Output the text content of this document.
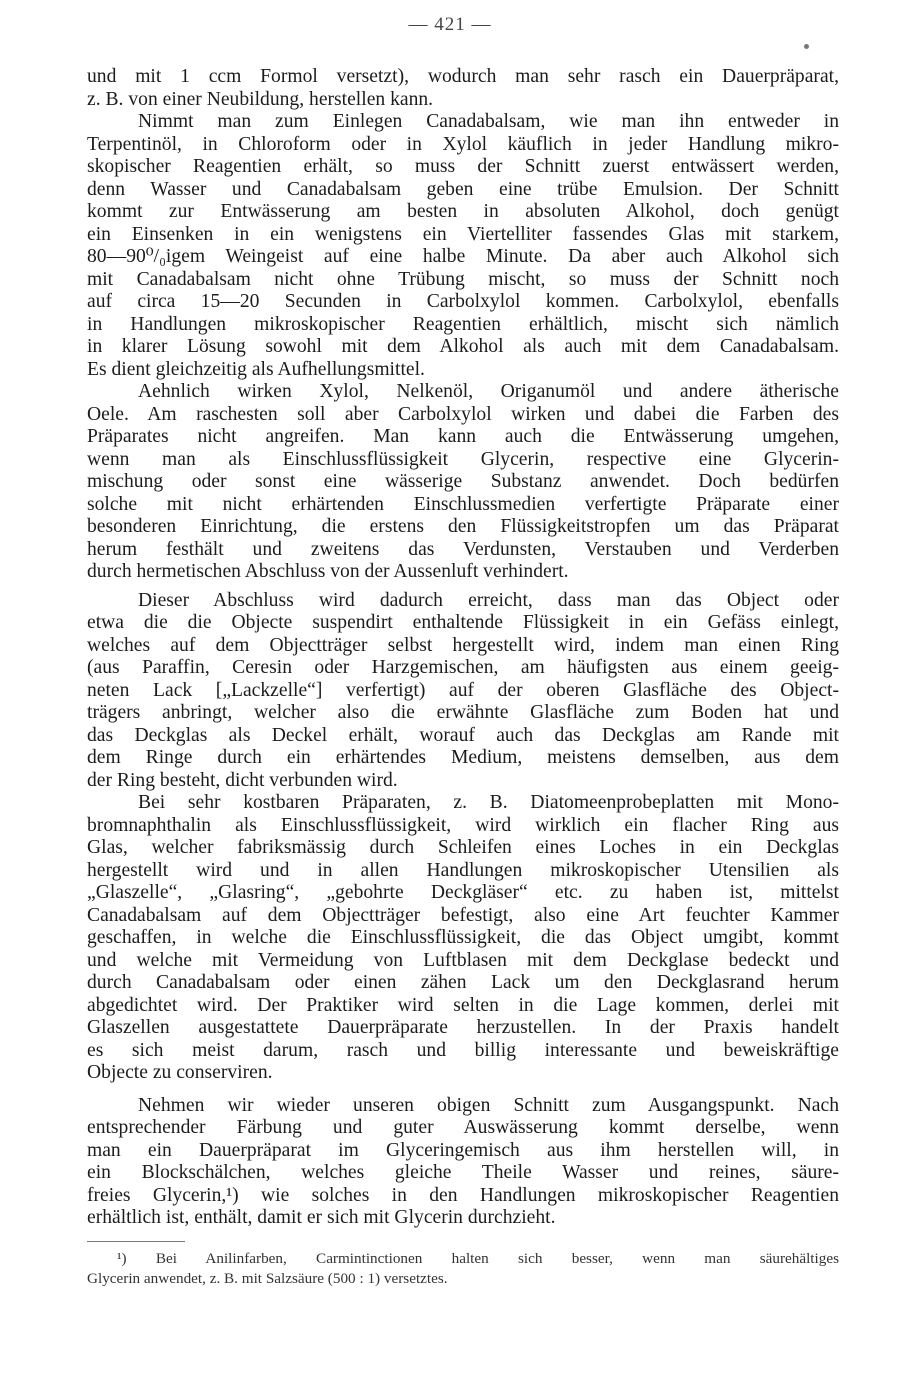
— 421 —
und mit 1 ccm Formol versetzt), wodurch man sehr rasch ein Dauerpräparat,
z. B. von einer Neubildung, herstellen kann.
Nimmt man zum Einlegen Canadabalsam, wie man ihn entweder in
Terpentinöl, in Chloroform oder in Xylol käuflich in jeder Handlung mikro-
skopischer Reagentien erhält, so muss der Schnitt zuerst entwässert werden,
denn Wasser und Canadabalsam geben eine trübe Emulsion. Der Schnitt
kommt zur Entwässerung am besten in absoluten Alkohol, doch genügt
ein Einsenken in ein wenigstens ein Viertelliter fassendes Glas mit starkem,
80—90⁰/₀igem Weingeist auf eine halbe Minute. Da aber auch Alkohol sich
mit Canadabalsam nicht ohne Trübung mischt, so muss der Schnitt noch
auf circa 15—20 Secunden in Carbolxylol kommen. Carbolxylol, ebenfalls
in Handlungen mikroskopischer Reagentien erhältlich, mischt sich nämlich
in klarer Lösung sowohl mit dem Alkohol als auch mit dem Canadabalsam.
Es dient gleichzeitig als Aufhellungsmittel.
Aehnlich wirken Xylol, Nelkenöl, Origanumöl und andere ätherische
Oele. Am raschesten soll aber Carbolxylol wirken und dabei die Farben des
Präparates nicht angreifen. Man kann auch die Entwässerung umgehen,
wenn man als Einschlussflüssigkeit Glycerin, respective eine Glycerin-
mischung oder sonst eine wässerige Substanz anwendet. Doch bedürfen
solche mit nicht erhärtenden Einschlussmedien verfertigte Präparate einer
besonderen Einrichtung, die erstens den Flüssigkeitstropfen um das Präparat
herum festhält und zweitens das Verdunsten, Verstauben und Verderben
durch hermetischen Abschluss von der Aussenluft verhindert.
Dieser Abschluss wird dadurch erreicht, dass man das Object oder
etwa die die Objecte suspendirt enthaltende Flüssigkeit in ein Gefäss einlegt,
welches auf dem Objectträger selbst hergestellt wird, indem man einen Ring
(aus Paraffin, Ceresin oder Harzgemischen, am häufigsten aus einem geeig-
neten Lack [„Lackzelle“] verfertigt) auf der oberen Glasfläche des Object-
trägers anbringt, welcher also die erwähnte Glasfläche zum Boden hat und
das Deckglas als Deckel erhält, worauf auch das Deckglas am Rande mit
dem Ringe durch ein erhärtendes Medium, meistens demselben, aus dem
der Ring besteht, dicht verbunden wird.
Bei sehr kostbaren Präparaten, z. B. Diatomeenprobeplatten mit Mono-
bromnaphthalin als Einschlussflüssigkeit, wird wirklich ein flacher Ring aus
Glas, welcher fabriksmässig durch Schleifen eines Loches in ein Deckglas
hergestellt wird und in allen Handlungen mikroskopischer Utensilien als
„Glaszelle“, „Glasring“, „gebohrte Deckgläser“ etc. zu haben ist, mittelst
Canadabalsam auf dem Objectträger befestigt, also eine Art feuchter Kammer
geschaffen, in welche die Einschlussflüssigkeit, die das Object umgibt, kommt
und welche mit Vermeidung von Luftblasen mit dem Deckglase bedeckt und
durch Canadabalsam oder einen zähen Lack um den Deckglasrand herum
abgedichtet wird. Der Praktiker wird selten in die Lage kommen, derlei mit
Glaszellen ausgestattete Dauerpräparate herzustellen. In der Praxis handelt
es sich meist darum, rasch und billig interessante und beweiskräftige
Objecte zu conserviren.
Nehmen wir wieder unseren obigen Schnitt zum Ausgangspunkt. Nach
entsprechender Färbung und guter Auswässerung kommt derselbe, wenn
man ein Dauerpräparat im Glyceringemisch aus ihm herstellen will, in
ein Blockschälchen, welches gleiche Theile Wasser und reines, säure-
freies Glycerin,¹) wie solches in den Handlungen mikroskopischer Reagentien
erhältlich ist, enthält, damit er sich mit Glycerin durchzieht.
¹) Bei Anilinfarben, Carmintinctionen halten sich besser, wenn man säurehältiges
Glycerin anwendet, z. B. mit Salzsäure (500 : 1) versetztes.
